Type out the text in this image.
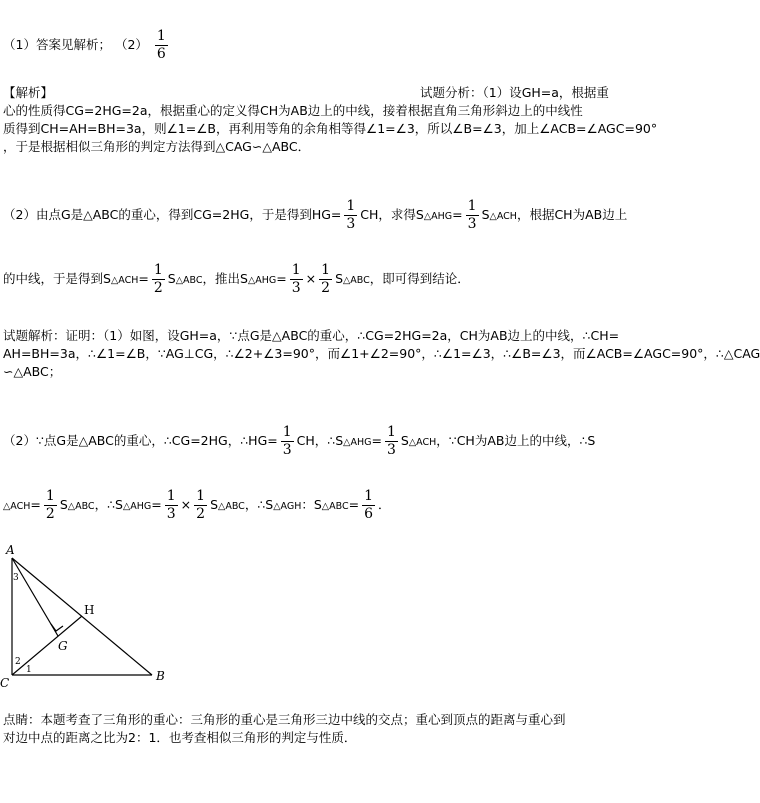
（1）答案见解析； $(2) \frac{1}{6}$
【解析】	试题分析：（1）设GH=a，根据重
心的性质得CG=2HG=2a，根据重心的定义得CH为AB边上的中线，接着根据直角三角形斜边上的中线性
质得到CH=AH=BH=3a，则∠1=∠B，再利用等角的余角相等得∠1=∠3，所以∠B=∠3，加上∠ACB=∠AGC=90°
，于是根据相似三角形的判定方法得到△CAG∽△ABC．
（2）由点G是△ABC的重心，得到CG=2HG，于是得到$HG= \frac{1}{3}$ CH，求得S△AHG= $\frac{1}{3}$ S△ACH，根据CH为AB边上
的中线，于是得到S△ACH= $\frac{1}{2}$ S△ABC，推出S△AHG= $\frac{1}{3} \times \frac{1}{2}$ S△ABC，即可得到结论．
试题解析：证明：（1）如图，设GH=a，∵点G是△ABC的重心，∴CG=2HG=2a，CH为AB边上的中线，∴CH=
AH=BH=3a，∴∠1=∠B，∵AG⊥CG，∴∠2+∠3=90°，而∠1+∠2=90°，∴∠1=∠3，∴∠B=∠3，而∠ACB=∠AGC=90°，∴△CAG
∽△ABC；
（2）∵点G是△ABC的重心，∴CG=2HG，∴HG= $\frac{1}{3}$ CH，∴S△AHG= $\frac{1}{3}$ S△ACH，∵CH为AB边上的中线，∴S
△ACH= $\frac{1}{2}$ S△ABC，∴S△AHG= $\frac{1}{3} \times \frac{1}{2}$ S△ABC，∴S△AGH：S△ABC= $\frac{1}{6}$ ．
A
B
C
G
H
1
2
3
点睛：本题考查了三角形的重心：三角形的重心是三角形三边中线的交点；重心到顶点的距离与重心到
对边中点的距离之比为2：1．也考查相似三角形的判定与性质．
